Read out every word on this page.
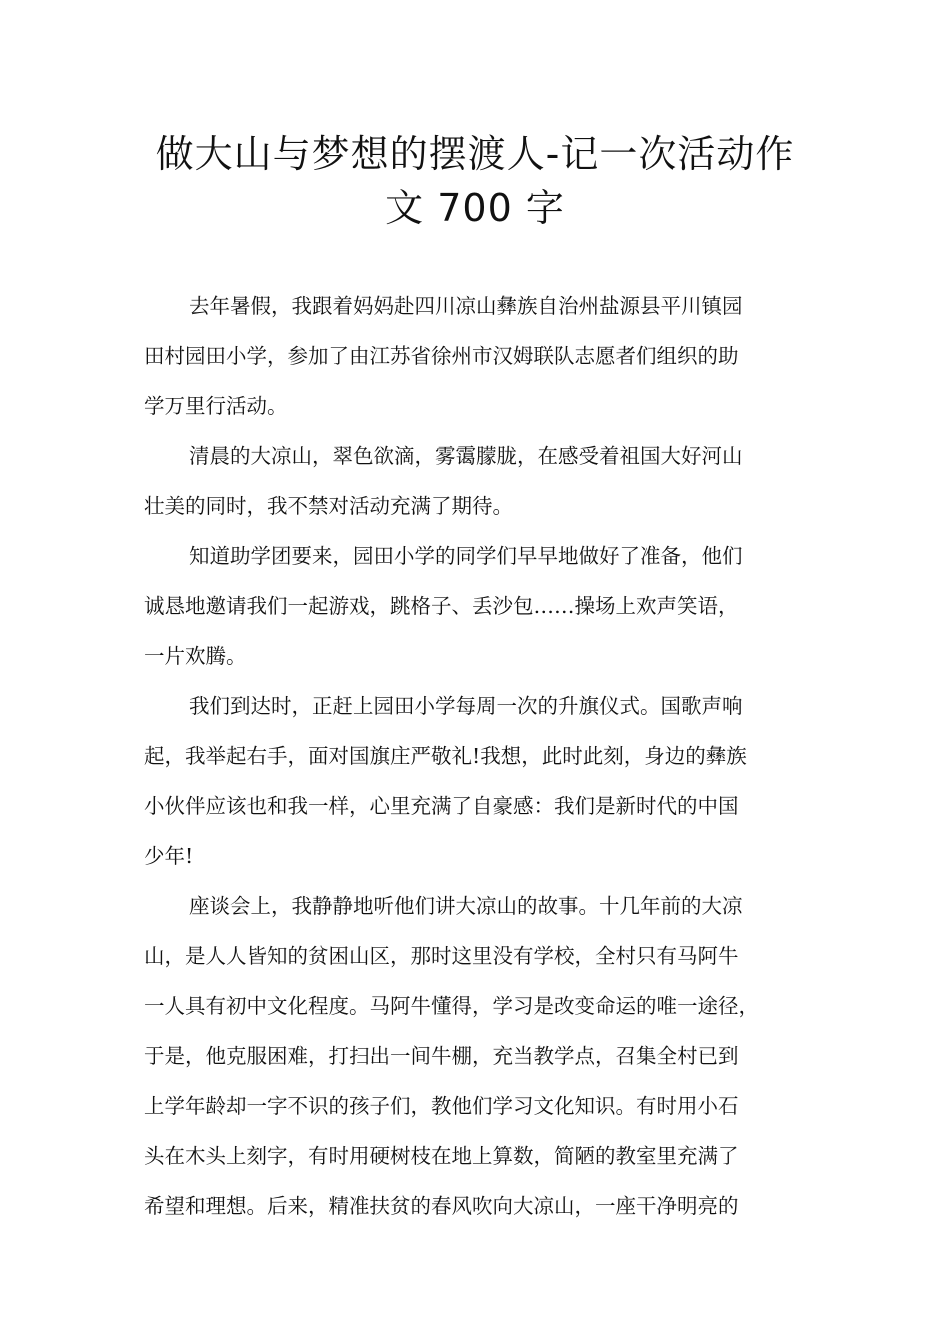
做大山与梦想的摆渡人-记一次活动作
文 700 字
去年暑假，我跟着妈妈赴四川凉山彝族自治州盐源县平川镇园
田村园田小学，参加了由江苏省徐州市汉姆联队志愿者们组织的助
学万里行活动。
清晨的大凉山，翠色欲滴，雾霭朦胧，在感受着祖国大好河山
壮美的同时，我不禁对活动充满了期待。
知道助学团要来，园田小学的同学们早早地做好了准备，他们
诚恳地邀请我们一起游戏，跳格子、丢沙包……操场上欢声笑语，
一片欢腾。
我们到达时，正赶上园田小学每周一次的升旗仪式。国歌声响
起，我举起右手，面对国旗庄严敬礼!我想，此时此刻，身边的彝族
小伙伴应该也和我一样，心里充满了自豪感：我们是新时代的中国
少年!
座谈会上，我静静地听他们讲大凉山的故事。十几年前的大凉
山，是人人皆知的贫困山区，那时这里没有学校，全村只有马阿牛
一人具有初中文化程度。马阿牛懂得，学习是改变命运的唯一途径，
于是，他克服困难，打扫出一间牛棚，充当教学点，召集全村已到
上学年龄却一字不识的孩子们，教他们学习文化知识。有时用小石
头在木头上刻字，有时用硬树枝在地上算数，简陋的教室里充满了
希望和理想。后来，精准扶贫的春风吹向大凉山，一座干净明亮的
